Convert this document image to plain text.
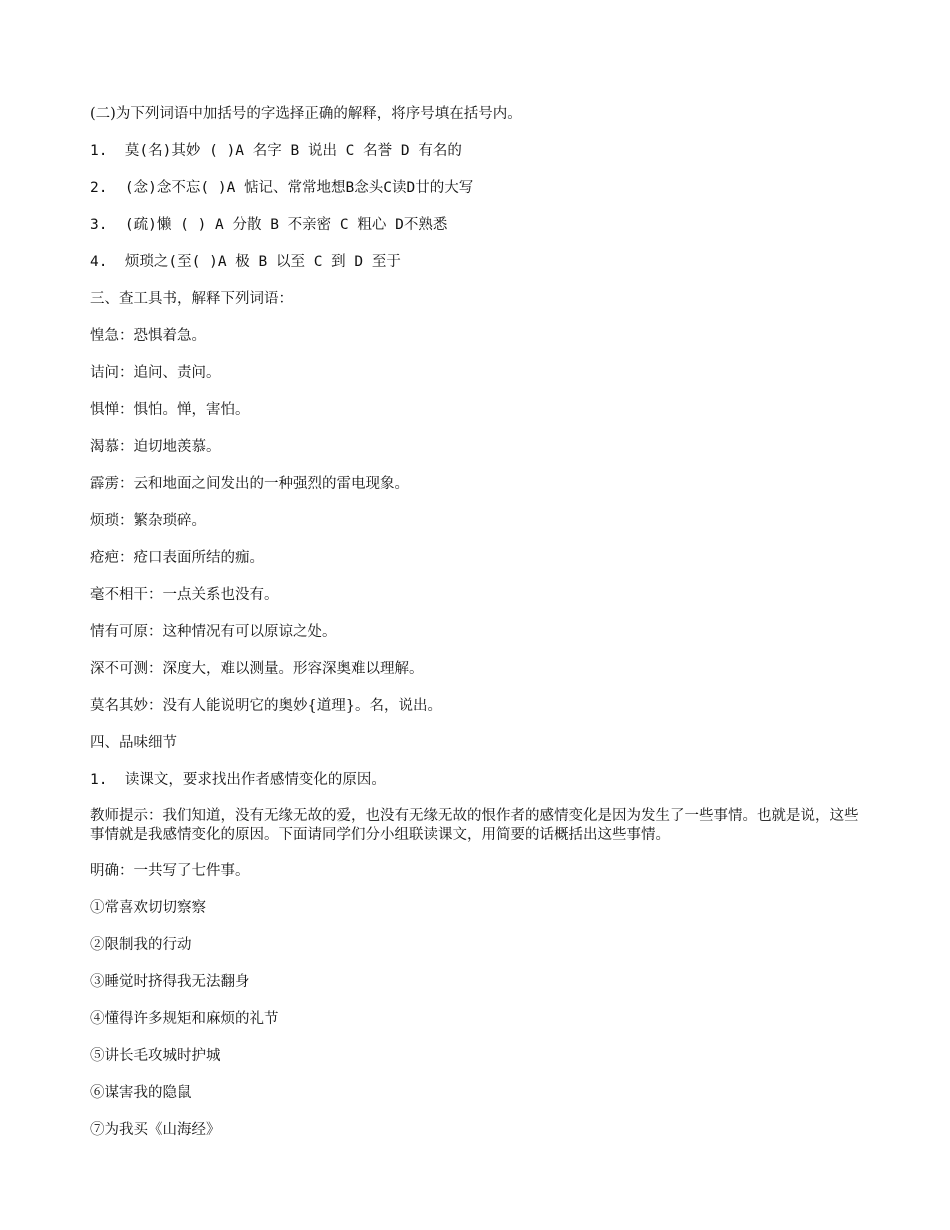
(二)为下列词语中加括号的字选择正确的解释，将序号填在括号内。

1.  莫(名)其妙 ( )A 名字 B 说出 C 名誉 D 有名的

2.  (念)念不忘( )A 惦记、常常地想B念头C读D廿的大写

3.  (疏)懒 ( ) A 分散 B 不亲密 C 粗心 D不熟悉

4.  烦琐之(至( )A 极 B 以至 C 到 D 至于

三、查工具书，解释下列词语：

惶急：恐惧着急。

诘问：追问、责问。

惧惮：惧怕。惮，害怕。

渴慕：迫切地羡慕。

霹雳：云和地面之间发出的一种强烈的雷电现象。

烦琐：繁杂琐碎。

疮疤：疮口表面所结的痂。

毫不相干：一点关系也没有。

情有可原：这种情况有可以原谅之处。

深不可测：深度大，难以测量。形容深奥难以理解。

莫名其妙：没有人能说明它的奥妙{道理}。名，说出。

四、品味细节

1.  读课文，要求找出作者感情变化的原因。

教师提示：我们知道，没有无缘无故的爱，也没有无缘无故的恨作者的感情变化是因为发生了一些事情。也就是说，这些事情就是我感情变化的原因。下面请同学们分小组联读课文，用简要的话概括出这些事情。

明确：一共写了七件事。

①常喜欢切切察察

②限制我的行动

③睡觉时挤得我无法翻身

④懂得许多规矩和麻烦的礼节

⑤讲长毛攻城时护城

⑥谋害我的隐鼠

⑦为我买《山海经》
